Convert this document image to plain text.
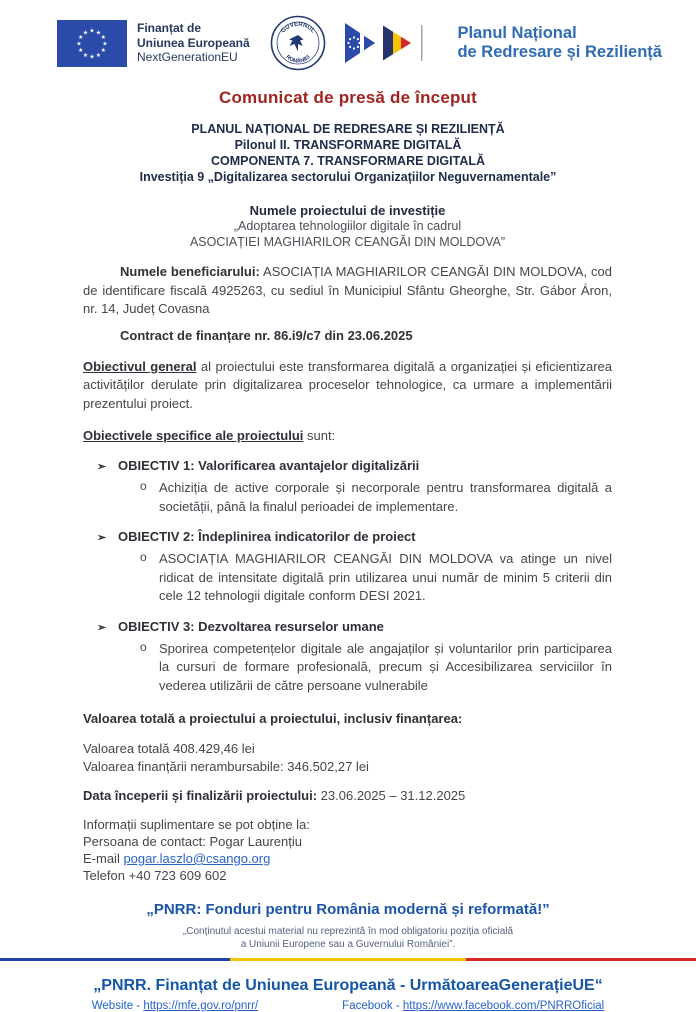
★ ★
★
★
★
★
★
★
★
★
★
★	Finanțat de
Uniunea Europeană
NextGenerationEU
GUVERNUL
ROMÂNIEI
Planul Național
de Redresare și Reziliență
Comunicat de presă de început
PLANUL NAȚIONAL DE REDRESARE ȘI REZILIENȚĂ
Pilonul II. TRANSFORMARE DIGITALĂ
COMPONENTA 7. TRANSFORMARE DIGITALĂ
Investiția 9 „Digitalizarea sectorului Organizațiilor Neguvernamentale”
Numele proiectului de investiție
„Adoptarea tehnologiilor digitale în cadrul
ASOCIAȚIEI MAGHIARILOR CEANGĂI DIN MOLDOVA”

Numele beneficiarului: ASOCIAȚIA MAGHIARILOR CEANGĂI DIN MOLDOVA, cod de identificare fiscală 4925263, cu sediul în Municipiul Sfântu Gheorghe, Str. Gábor Áron, nr. 14, Județ Covasna

Contract de finanțare nr. 86.i9/c7 din 23.06.2025

Obiectivul general al proiectului este transformarea digitală a organizației și eficientizarea activităților derulate prin digitalizarea proceselor tehnologice, ca urmare a implementării prezentului proiect.

Obiectivele specifice ale proiectului sunt:
➢ OBIECTIV 1: Valorificarea avantajelor digitalizării
o Achiziția de active corporale și necorporale pentru transformarea digitală a societății, până la finalul perioadei de implementare.
➢ OBIECTIV 2: Îndeplinirea indicatorilor de proiect
o ASOCIAȚIA MAGHIARILOR CEANGĂI DIN MOLDOVA va atinge un nivel ridicat de intensitate digitală prin utilizarea unui număr de minim 5 criterii din cele 12 tehnologii digitale conform DESI 2021.
➢ OBIECTIV 3: Dezvoltarea resurselor umane
o Sporirea competențelor digitale ale angajaților și voluntarilor prin participarea la cursuri de formare profesională, precum și Accesibilizarea serviciilor în vederea utilizării de către persoane vulnerabile
Valoarea totală a proiectului a proiectului, inclusiv finanțarea:
Valoarea totală 408.429,46 lei
Valoarea finanțării nerambursabile: 346.502,27 lei
Data începerii și finalizării proiectului: 23.06.2025 – 31.12.2025
Informații suplimentare se pot obține la:
Persoana de contact: Pogar Laurențiu
E-mail pogar.laszlo@csango.org
Telefon +40 723 609 602
„PNRR: Fonduri pentru România modernă și reformată!”
„Conținutul acestui material nu reprezintă în mod obligatoriu poziția oficială
a Uniunii Europene sau a Guvernului României”.
„PNRR. Finanțat de Uniunea Europeană - UrmătoareaGenerațieUE“
Website - https://mfe.gov.ro/pnrr/	Facebook - https://www.facebook.com/PNRROficial
